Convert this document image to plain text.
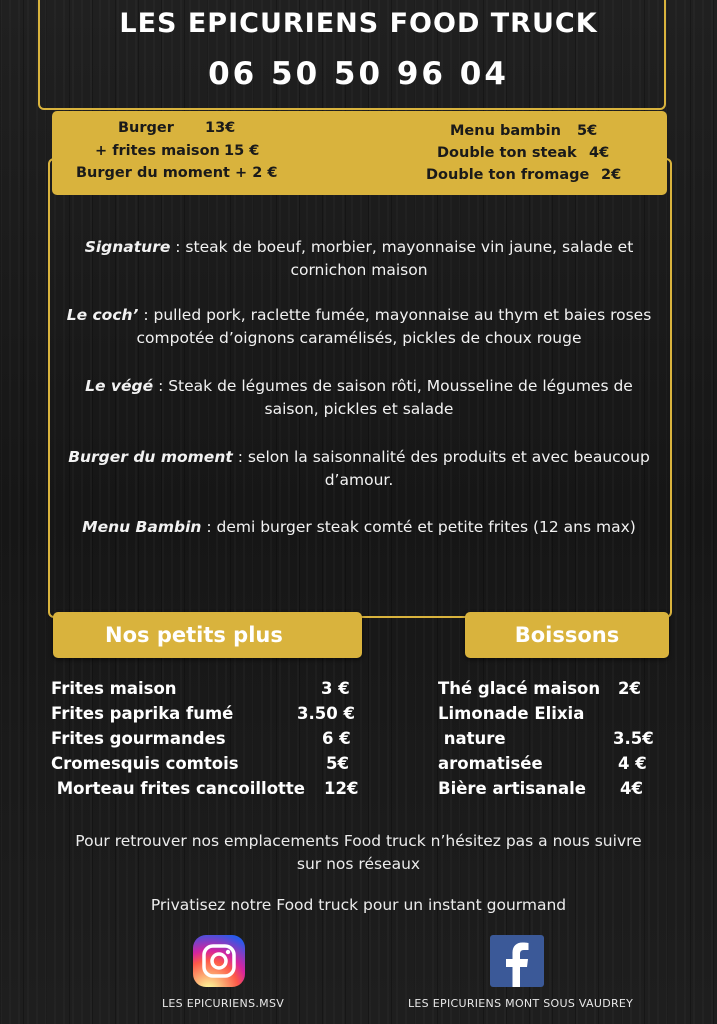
LES EPICURIENS FOOD TRUCK
06 50 50 96 04
Burger 13€
+ frites maison 15 €
Burger du moment + 2 €
Menu bambin 5€
Double ton steak 4€
Double ton fromage 2€
Signature : steak de boeuf, morbier, mayonnaise vin jaune, salade et cornichon maison
Le coch’ : pulled pork, raclette fumée, mayonnaise au thym et baies roses compotée d’oignons caramélisés, pickles de choux rouge
Le végé : Steak de légumes de saison rôti, Mousseline de légumes de saison, pickles et salade
Burger du moment : selon la saisonnalité des produits et avec beaucoup d’amour.
Menu Bambin : demi burger steak comté et petite frites (12 ans max)
Nos petits plus	Boissons
Frites maison	3 €
Frites paprika fumé	3.50 €
Frites gourmandes	6 €
Cromesquis comtois	5€
Morteau frites cancoillotte 12€
Thé glacé maison 2€
Limonade Elixia
nature	3.5€
aromatisée	4 €
Bière artisanale 4€
Pour retrouver nos emplacements Food truck n’hésitez pas a nous suivre sur nos réseaux
Privatisez notre Food truck pour un instant gourmand
LES EPICURIENS.MSV	LES EPICURIENS MONT SOUS VAUDREY
